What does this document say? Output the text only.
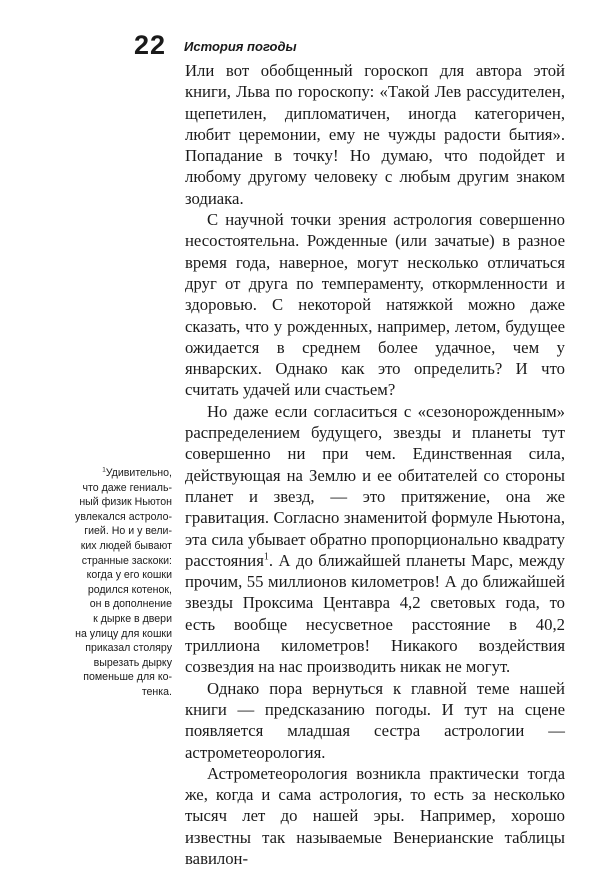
22 История погоды

Или вот обобщенный гороскоп для автора этой книги, Льва по гороскопу: «Такой Лев рассудителен, щепетилен, дипломатичен, иногда категоричен, любит церемонии, ему не чужды радости бытия». Попадание в точку! Но думаю, что подойдет и любому другому человеку с любым другим знаком зодиака.

С научной точки зрения астрология совершенно несостоятельна. Рожденные (или зачатые) в разное время года, наверное, могут несколько отличаться друг от друга по темпераменту, откормленности и здоровью. С некоторой натяжкой можно даже сказать, что у рожденных, например, летом, будущее ожидается в среднем более удачное, чем у январских. Однако как это определить? И что считать удачей или счастьем?

Но даже если согласиться с «сезонорожденным» распределением будущего, звезды и планеты тут совершенно ни при чем. Единственная сила, действующая на Землю и ее обитателей со стороны планет и звезд, — это притяжение, она же гравитация. Согласно знаменитой формуле Ньютона, эта сила убывает обратно пропорционально квадрату расстояния$^1$. А до ближайшей планеты Марс, между прочим, 55 миллионов километров! А до ближайшей звезды Проксима Центавра 4,2 световых года, то есть вообще несусветное расстояние в 40,2 триллиона километров! Никакого воздействия созвездия на нас производить никак не могут.

Однако пора вернуться к главной теме нашей книги — предсказанию погоды. И тут на сцене появляется младшая сестра астрологии — астрометеорология.

Астрометеорология возникла практически тогда же, когда и сама астрология, то есть за несколько тысяч лет до нашей эры. Например, хорошо известны так называемые Венерианские таблицы вавилон-

$^1$Удивительно,
что даже гениаль-
ный физик Ньютон
увлекался астроло-
гией. Но и у вели-
ких людей бывают
странные заскоки:
когда у его кошки
родился котенок,
он в дополнение
к дырке в двери
на улицу для кошки
приказал столяру
вырезать дырку
поменьше для ко-
тенка.
